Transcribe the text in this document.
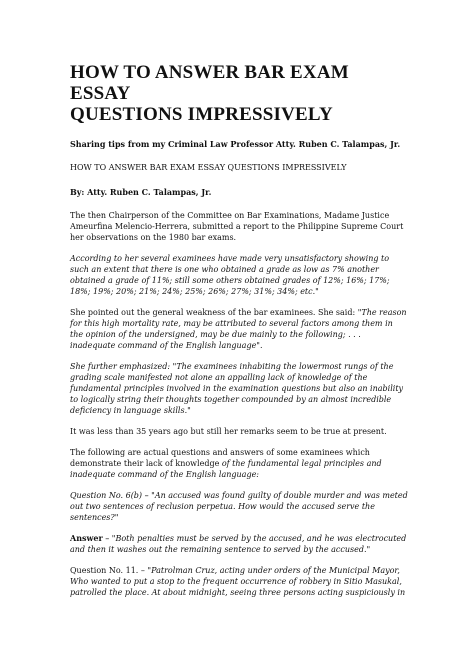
HOW TO ANSWER BAR EXAM
ESSAY
QUESTIONS IMPRESSIVELY

Sharing tips from my Criminal Law Professor Atty. Ruben C. Talampas, Jr.

HOW TO ANSWER BAR EXAM ESSAY QUESTIONS IMPRESSIVELY

By: Atty. Ruben C. Talampas, Jr.

The then Chairperson of the Committee on Bar Examinations, Madame Justice Ameurfina Melencio-Herrera, submitted a report to the Philippine Supreme Court her observations on the 1980 bar exams.

According to her several examinees have made very unsatisfactory showing to such an extent that there is one who obtained a grade as low as 7% another obtained a grade of 11%; still some others obtained grades of 12%; 16%; 17%; 18%; 19%; 20%; 21%; 24%; 25%; 26%; 27%; 31%; 34%; etc."

She pointed out the general weakness of the bar examinees. She said: "The reason for this high mortality rate, may be attributed to several factors among them in the opinion of the undersigned, may be due mainly to the following; . . . inadequate command of the English language".

She further emphasized: "The examinees inhabiting the lowermost rungs of the grading scale manifested not alone an appalling lack of knowledge of the fundamental principles involved in the examination questions but also an inability to logically string their thoughts together compounded by an almost incredible deficiency in language skills."

It was less than 35 years ago but still her remarks seem to be true at present.

The following are actual questions and answers of some examinees which demonstrate their lack of knowledge of the fundamental legal principles and inadequate command of the English language:

Question No. 6(b) – "An accused was found guilty of double murder and was meted out two sentences of reclusion perpetua. How would the accused serve the sentences?"

Answer – "Both penalties must be served by the accused, and he was electrocuted and then it washes out the remaining sentence to served by the accused."

Question No. 11. – "Patrolman Cruz, acting under orders of the Municipal Mayor, Who wanted to put a stop to the frequent occurrence of robbery in Sitio Masukal, patrolled the place. At about midnight, seeing three persons acting suspiciously in
